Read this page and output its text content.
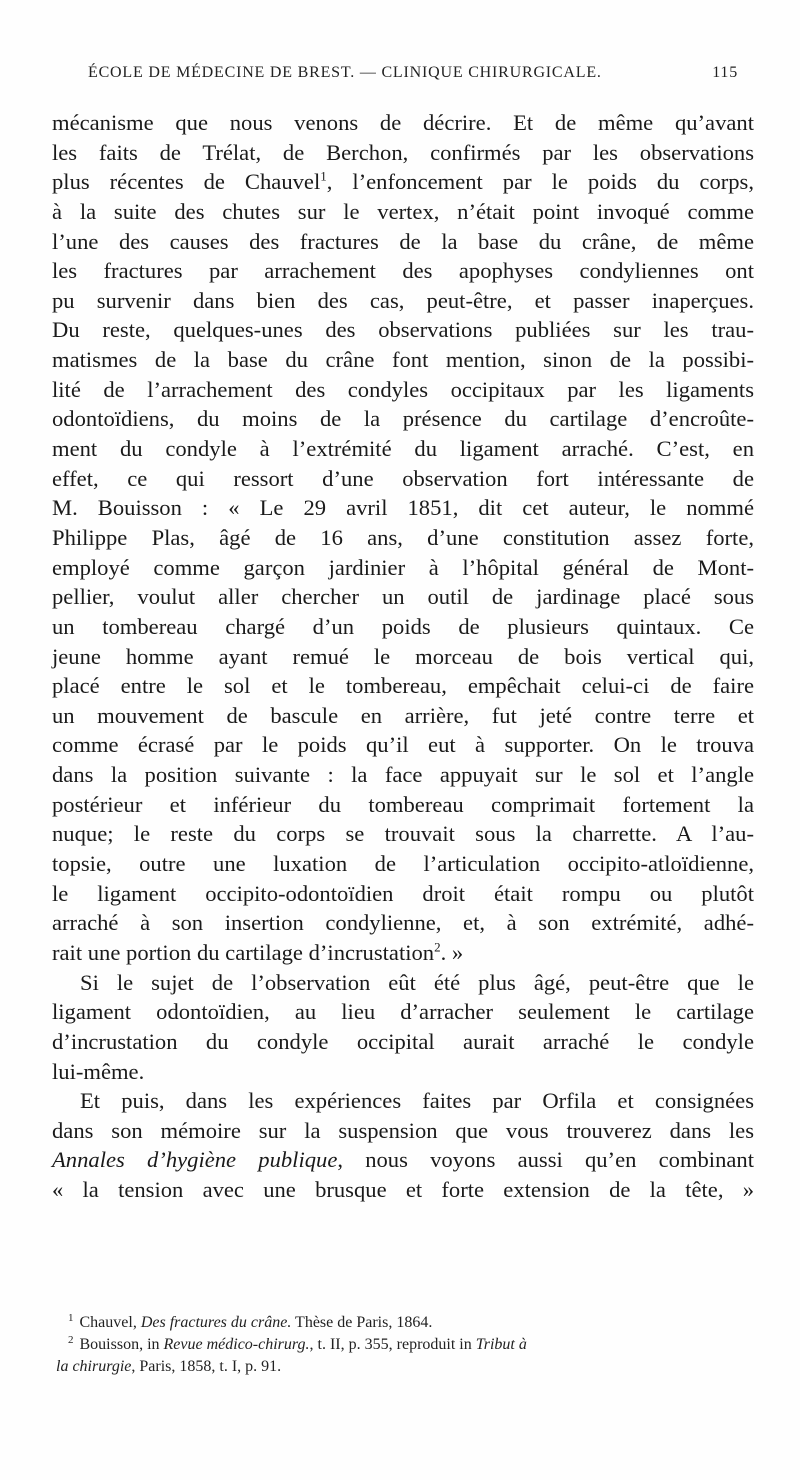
ÉCOLE DE MÉDECINE DE BREST. — CLINIQUE CHIRURGICALE.	115
mécanisme que nous venons de décrire. Et de même qu’avant
les faits de Trélat, de Berchon, confirmés par les observations
plus récentes de Chauvel$^1$, l’enfoncement par le poids du corps,
à la suite des chutes sur le vertex, n’était point invoqué comme
l’une des causes des fractures de la base du crâne, de même
les fractures par arrachement des apophyses condyliennes ont
pu survenir dans bien des cas, peut-être, et passer inaperçues.
Du reste, quelques-unes des observations publiées sur les trau-
matismes de la base du crâne font mention, sinon de la possibi-
lité de l’arrachement des condyles occipitaux par les ligaments
odontoïdiens, du moins de la présence du cartilage d’encroûte-
ment du condyle à l’extrémité du ligament arraché. C’est, en
effet, ce qui ressort d’une observation fort intéressante de
M. Bouisson : « Le 29 avril 1851, dit cet auteur, le nommé
Philippe Plas, âgé de 16 ans, d’une constitution assez forte,
employé comme garçon jardinier à l’hôpital général de Mont-
pellier, voulut aller chercher un outil de jardinage placé sous
un tombereau chargé d’un poids de plusieurs quintaux. Ce
jeune homme ayant remué le morceau de bois vertical qui,
placé entre le sol et le tombereau, empêchait celui-ci de faire
un mouvement de bascule en arrière, fut jeté contre terre et
comme écrasé par le poids qu’il eut à supporter. On le trouva
dans la position suivante : la face appuyait sur le sol et l’angle
postérieur et inférieur du tombereau comprimait fortement la
nuque; le reste du corps se trouvait sous la charrette. A l’au-
topsie, outre une luxation de l’articulation occipito-atloïdienne,
le ligament occipito-odontoïdien droit était rompu ou plutôt
arraché à son insertion condylienne, et, à son extrémité, adhé-
rait une portion du cartilage d’incrustation$^2$. »
Si le sujet de l’observation eût été plus âgé, peut-être que le
ligament odontoïdien, au lieu d’arracher seulement le cartilage
d’incrustation du condyle occipital aurait arraché le condyle
lui-même.
Et puis, dans les expériences faites par Orfila et consignées
dans son mémoire sur la suspension que vous trouverez dans les
Annales d’hygiène publique, nous voyons aussi qu’en combinant
« la tension avec une brusque et forte extension de la tête, »
$^1$ Chauvel, Des fractures du crâne. Thèse de Paris, 1864.
$^2$ Bouisson, in Revue médico-chirurg., t. II, p. 355, reproduit in Tribut à
la chirurgie, Paris, 1858, t. I, p. 91.
